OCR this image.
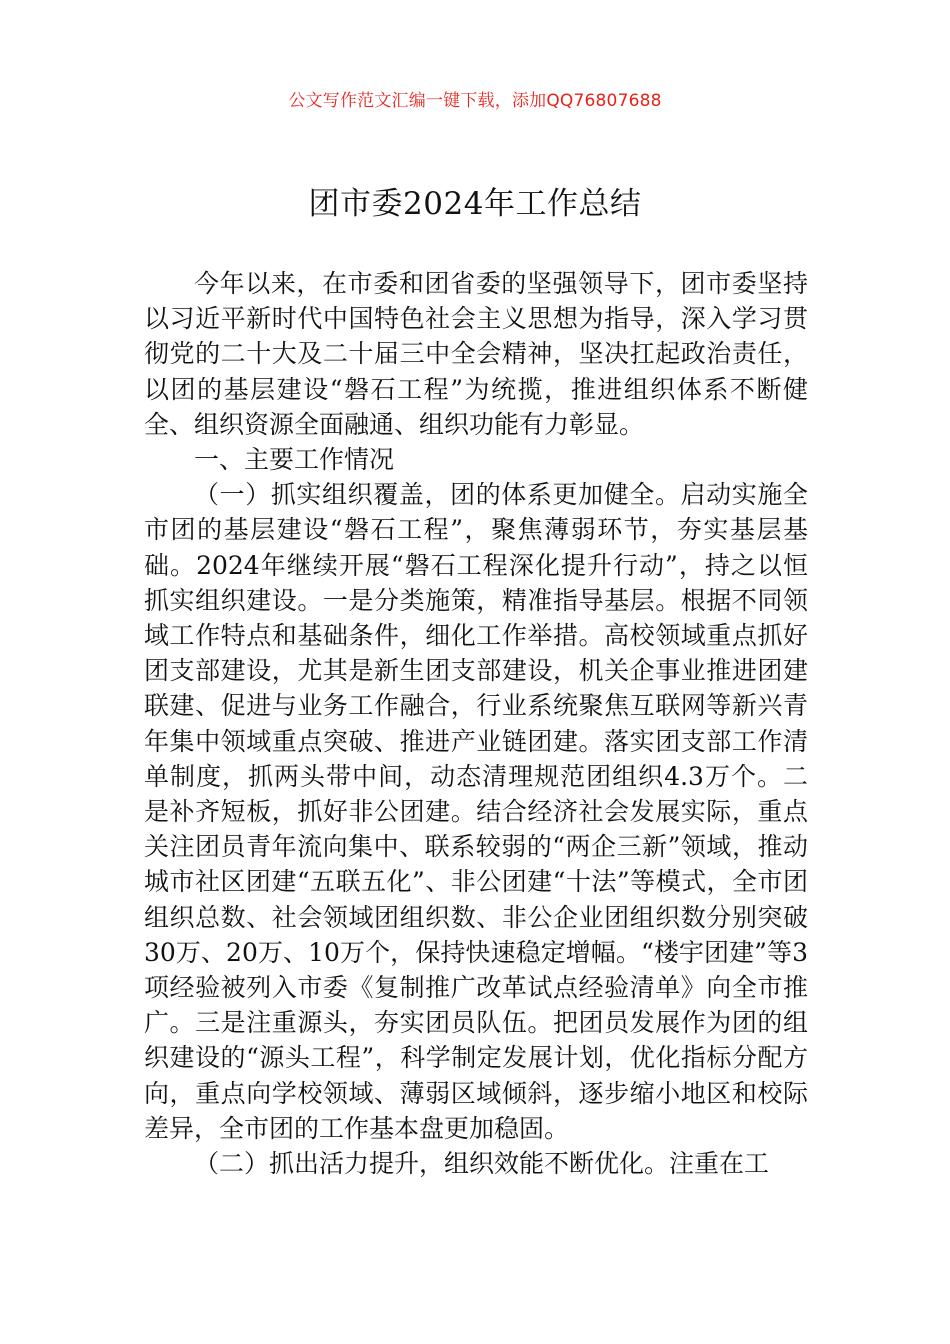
公文写作范文汇编一键下载，添加QQ76807688
团市委2024年工作总结

今年以来，在市委和团省委的坚强领导下，团市委坚持以习近平新时代中国特色社会主义思想为指导，深入学习贯彻党的二十大及二十届三中全会精神，坚决扛起政治责任，以团的基层建设“磐石工程”为统揽，推进组织体系不断健全、组织资源全面融通、组织功能有力彰显。

一、主要工作情况

（一）抓实组织覆盖，团的体系更加健全。启动实施全市团的基层建设“磐石工程”，聚焦薄弱环节，夯实基层基础。2024年继续开展“磐石工程深化提升行动”，持之以恒抓实组织建设。一是分类施策，精准指导基层。根据不同领域工作特点和基础条件，细化工作举措。高校领域重点抓好团支部建设，尤其是新生团支部建设，机关企事业推进团建联建、促进与业务工作融合，行业系统聚焦互联网等新兴青年集中领域重点突破、推进产业链团建。落实团支部工作清单制度，抓两头带中间，动态清理规范团组织4.3万个。二是补齐短板，抓好非公团建。结合经济社会发展实际，重点关注团员青年流向集中、联系较弱的“两企三新”领域，推动城市社区团建“五联五化”、非公团建“十法”等模式，全市团组织总数、社会领域团组织数、非公企业团组织数分别突破30万、20万、10万个，保持快速稳定增幅。“楼宇团建”等3项经验被列入市委《复制推广改革试点经验清单》向全市推广。三是注重源头，夯实团员队伍。把团员发展作为团的组织建设的“源头工程”，科学制定发展计划，优化指标分配方向，重点向学校领域、薄弱区域倾斜，逐步缩小地区和校际差异，全市团的工作基本盘更加稳固。

（二）抓出活力提升，组织效能不断优化。注重在工
